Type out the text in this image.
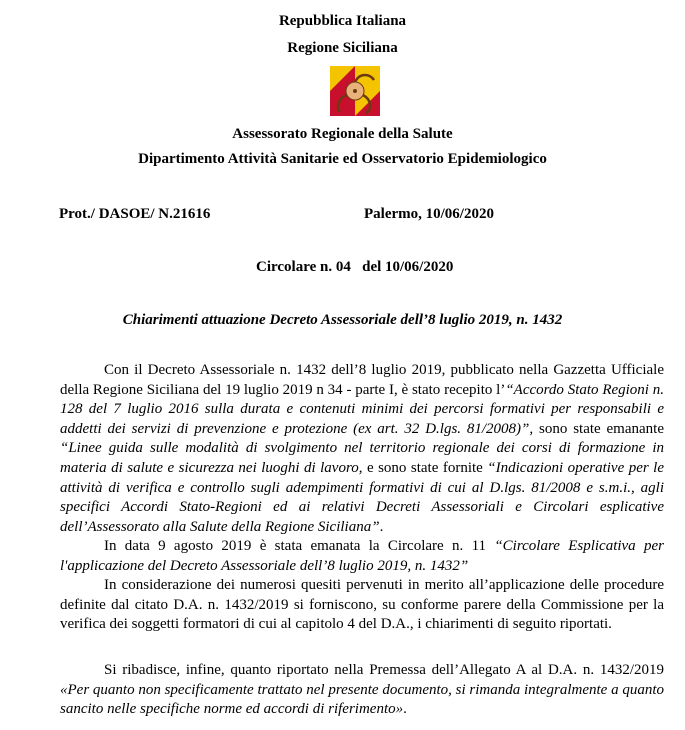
Repubblica Italiana
Regione Siciliana
Assessorato Regionale della Salute
Dipartimento Attività Sanitarie ed Osservatorio Epidemiologico
Prot./ DASOE/ N.21616	Palermo, 10/06/2020
Circolare n. 04   del 10/06/2020
Chiarimenti attuazione Decreto Assessoriale dell’8 luglio 2019, n. 1432
Con il Decreto Assessoriale n. 1432 dell’8 luglio 2019, pubblicato nella Gazzetta Ufficiale della Regione Siciliana del 19 luglio 2019 n 34 - parte I, è stato recepito l’“Accordo Stato Regioni n. 128 del 7 luglio 2016 sulla durata e contenuti minimi dei percorsi formativi per responsabili e addetti dei servizi di prevenzione e protezione (ex art. 32 D.lgs. 81/2008)”, sono state emanante “Linee guida sulle modalità di svolgimento nel territorio regionale dei corsi di formazione in materia di salute e sicurezza nei luoghi di lavoro, e sono state fornite “Indicazioni operative per le attività di verifica e controllo sugli adempimenti formativi di cui al D.lgs. 81/2008 e s.m.i., agli specifici Accordi Stato-Regioni ed ai relativi Decreti Assessoriali e Circolari esplicative dell’Assessorato alla Salute della Regione Siciliana”.
In data 9 agosto 2019 è stata emanata la Circolare n. 11 “Circolare Esplicativa per l'applicazione del Decreto Assessoriale dell’8 luglio 2019, n. 1432”
In considerazione dei numerosi quesiti pervenuti in merito all’applicazione delle procedure definite dal citato D.A. n. 1432/2019 si forniscono, su conforme parere della Commissione per la verifica dei soggetti formatori di cui al capitolo 4 del D.A., i chiarimenti di seguito riportati.
Si ribadisce, infine, quanto riportato nella Premessa dell’Allegato A al D.A. n. 1432/2019 «Per quanto non specificamente trattato nel presente documento, si rimanda integralmente a quanto sancito nelle specifiche norme ed accordi di riferimento».
